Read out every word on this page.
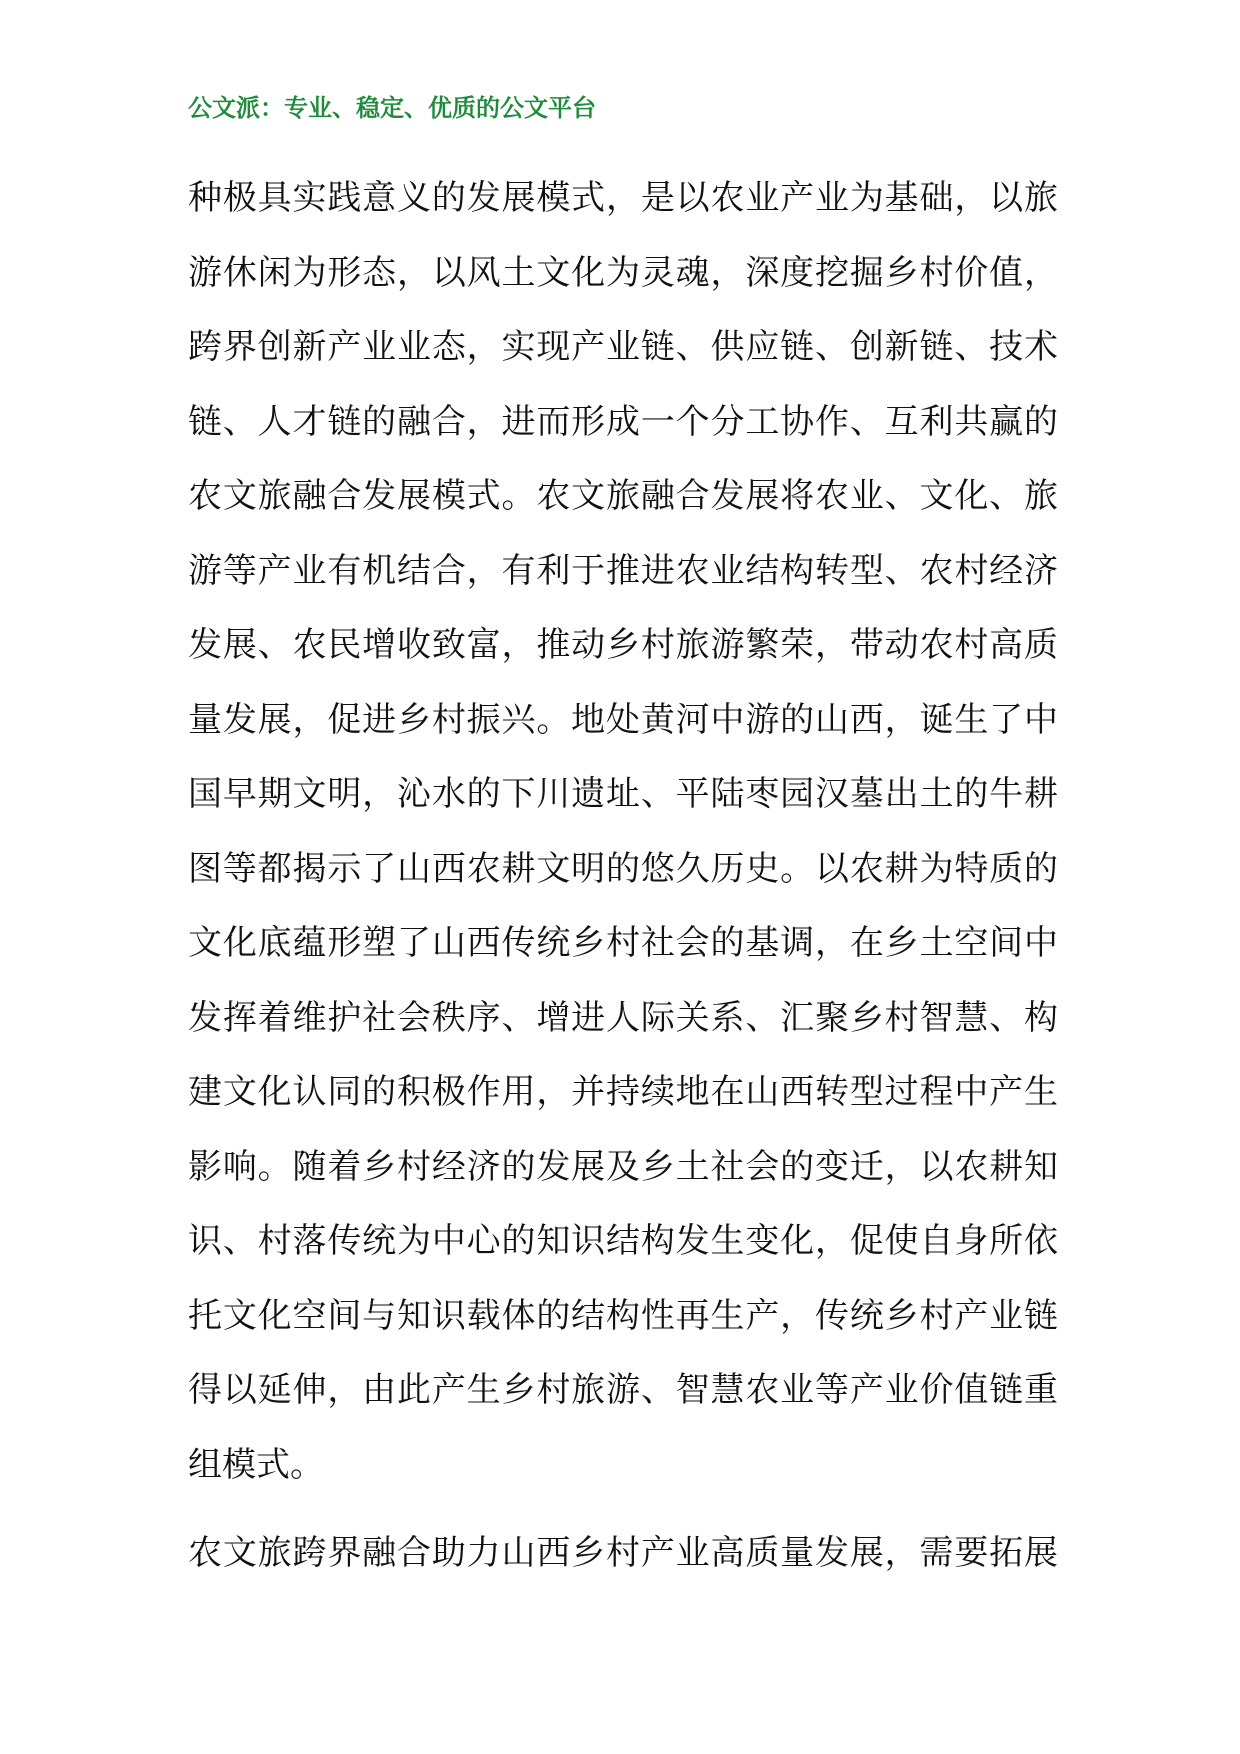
公文派：专业、稳定、优质的公文平台
种极具实践意义的发展模式，是以农业产业为基础，以旅
游休闲为形态，以风土文化为灵魂，深度挖掘乡村价值，
跨界创新产业业态，实现产业链、供应链、创新链、技术
链、人才链的融合，进而形成一个分工协作、互利共赢的
农文旅融合发展模式。农文旅融合发展将农业、文化、旅
游等产业有机结合，有利于推进农业结构转型、农村经济
发展、农民增收致富，推动乡村旅游繁荣，带动农村高质
量发展，促进乡村振兴。地处黄河中游的山西，诞生了中
国早期文明，沁水的下川遗址、平陆枣园汉墓出土的牛耕
图等都揭示了山西农耕文明的悠久历史。以农耕为特质的
文化底蕴形塑了山西传统乡村社会的基调，在乡土空间中
发挥着维护社会秩序、增进人际关系、汇聚乡村智慧、构
建文化认同的积极作用，并持续地在山西转型过程中产生
影响。随着乡村经济的发展及乡土社会的变迁，以农耕知
识、村落传统为中心的知识结构发生变化，促使自身所依
托文化空间与知识载体的结构性再生产，传统乡村产业链
得以延伸，由此产生乡村旅游、智慧农业等产业价值链重
组模式。
农文旅跨界融合助力山西乡村产业高质量发展，需要拓展
